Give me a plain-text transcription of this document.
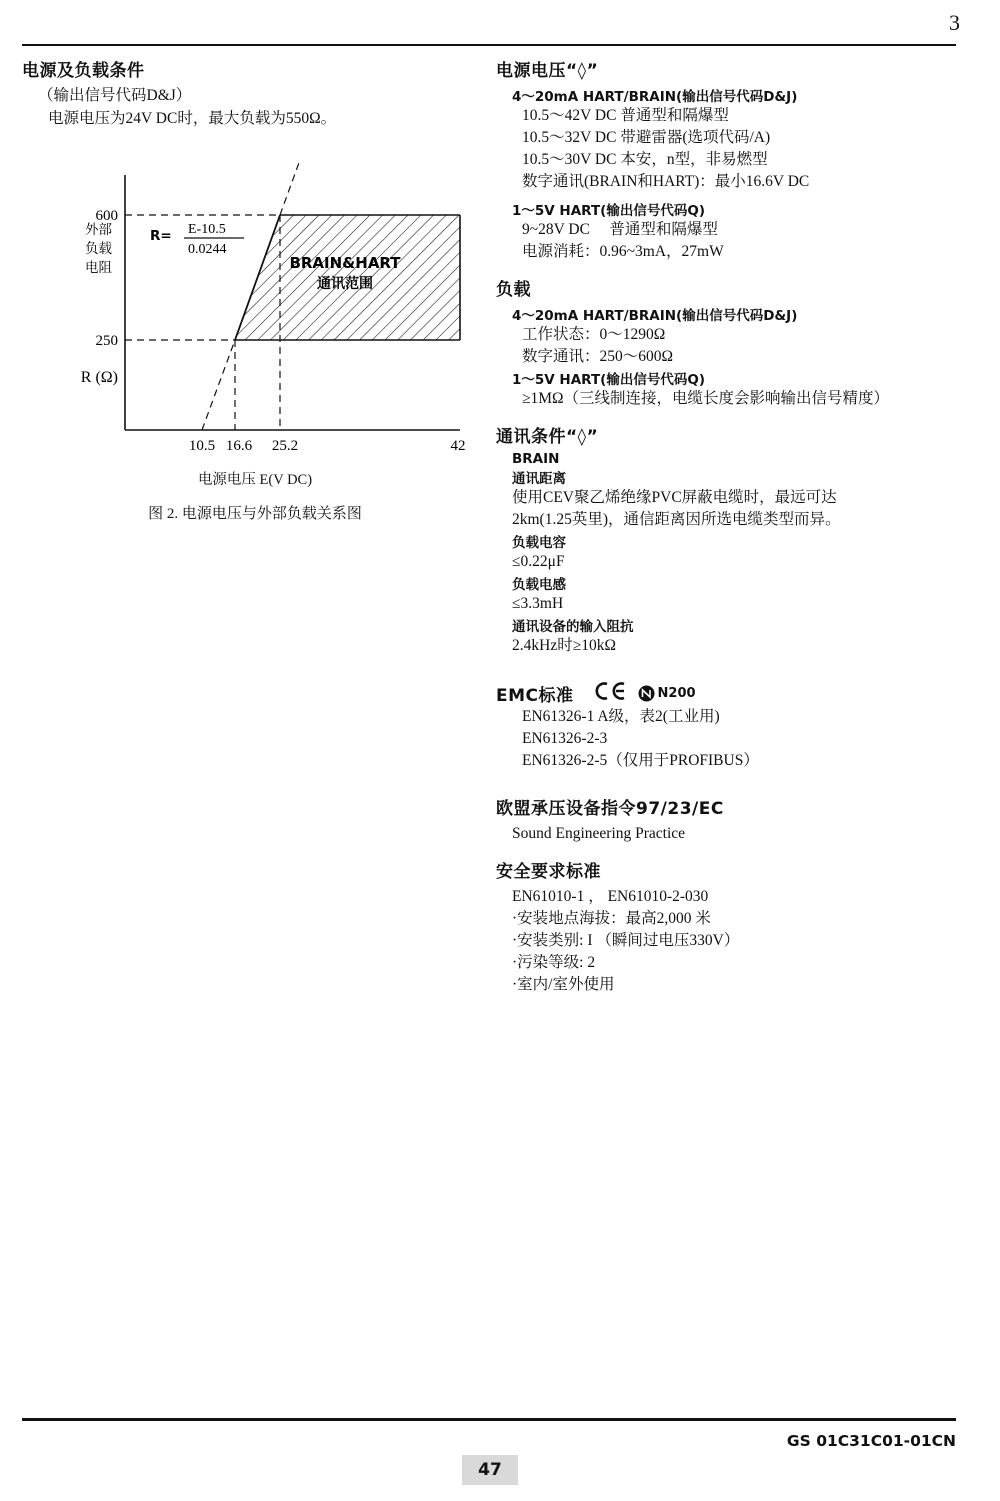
3
电源及负载条件
（输出信号代码D&J）
电源电压为24V DC时，最大负载为550Ω。
600
250
10.5 16.6 25.2	42
外部
负载
电阻
R (Ω)
R= E-10.5
0.0244
BRAIN&HART
通讯范围
电源电压 E(V DC)
图 2. 电源电压与外部负载关系图
电源电压“◊”
4～20mA HART/BRAIN(输出信号代码D&J)
10.5～42V DC 普通型和隔爆型
10.5～32V DC 带避雷器(选项代码/A)
10.5～30V DC 本安，n型，非易燃型
数字通讯(BRAIN和HART)：最小16.6V DC
1～5V HART(输出信号代码Q)
9~28V DC 　普通型和隔爆型
电源消耗：0.96~3mA，27mW
负载
4～20mA HART/BRAIN(输出信号代码D&J)
工作状态：0～1290Ω
数字通讯：250～600Ω
1～5V HART(输出信号代码Q)
≥1MΩ（三线制连接，电缆长度会影响输出信号精度）
通讯条件“◊”
BRAIN
通讯距离
使用CEV聚乙烯绝缘PVC屏蔽电缆时，最远可达
2km(1.25英里)，通信距离因所选电缆类型而异。
负载电容
≤0.22μF
负载电感
≤3.3mH
通讯设备的输入阻抗
2.4kHz时≥10kΩ
EMC标准	N200
EN61326-1 A级，表2(工业用)
EN61326-2-3
EN61326-2-5（仅用于PROFIBUS）
欧盟承压设备指令97/23/EC
Sound Engineering Practice
安全要求标准
EN61010-1 ， EN61010-2-030

·安装地点海拔：最高2,000 米

·安装类别: I （瞬间过电压330V）

·污染等级: 2

·室内/室外使用

GS 01C31C01-01CN
47
